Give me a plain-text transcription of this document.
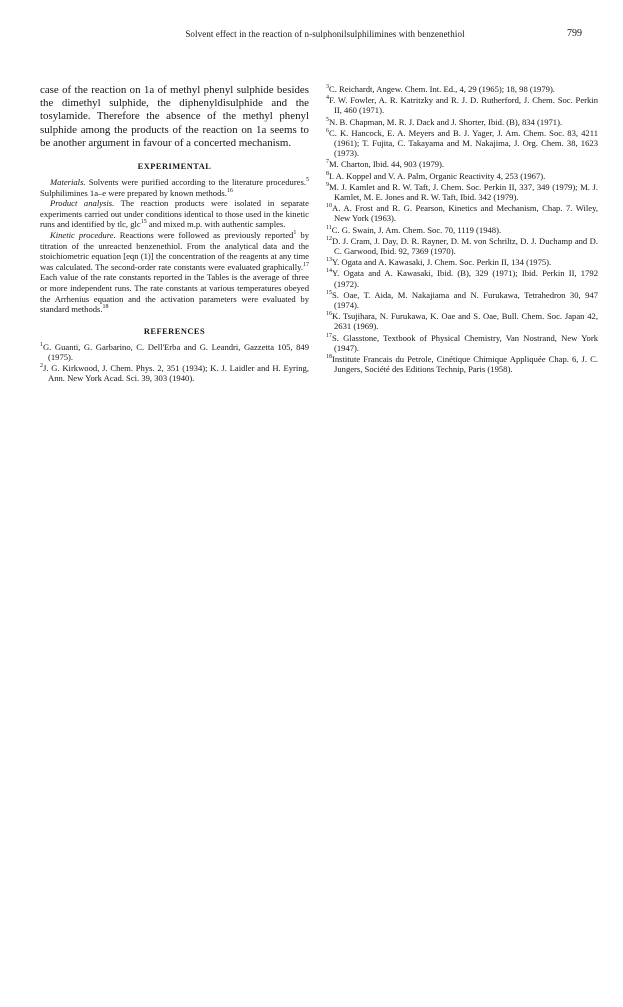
Solvent effect in the reaction of n-sulphonilsulphilimines with benzenethiol	799

case of the reaction on 1a of methyl phenyl sulphide besides the dimethyl sulphide, the diphenyldisulphide and the tosylamide. Therefore the absence of the methyl phenyl sulphide among the products of the reaction on 1a seems to be another argument in favour of a concerted mechanism.

EXPERIMENTAL

Materials. Solvents were purified according to the literature procedures.$^5$ Sulphilimines 1a–e were prepared by known methods.$^{16}$

Product analysis. The reaction products were isolated in separate experiments carried out under conditions identical to those used in the kinetic runs and identified by tlc, glc$^{15}$ and mixed m.p. with authentic samples.

Kinetic procedure. Reactions were followed as previously reported$^1$ by titration of the unreacted benzenethiol. From the analytical data and the stoichiometric equation [eqn (1)] the concentration of the reagents at any time was calculated. The second-order rate constants were evaluated graphically.$^{17}$ Each value of the rate constants reported in the Tables is the average of three or more independent runs. The rate constants at various temperatures obeyed the Arrhenius equation and the activation parameters were evaluated by standard methods.$^{18}$

REFERENCES

$^1$G. Guanti, G. Garbarino, C. Dell'Erba and G. Leandri, Gazzetta 105, 849 (1975).

$^2$J. G. Kirkwood, J. Chem. Phys. 2, 351 (1934); K. J. Laidler and H. Eyring, Ann. New York Acad. Sci. 39, 303 (1940).

$^3$C. Reichardt, Angew. Chem. Int. Ed., 4, 29 (1965); 18, 98 (1979).

$^4$F. W. Fowler, A. R. Katritzky and R. J. D. Rutherford, J. Chem. Soc. Perkin II, 460 (1971).

$^5$N. B. Chapman, M. R. J. Dack and J. Shorter, Ibid. (B), 834 (1971).

$^6$C. K. Hancock, E. A. Meyers and B. J. Yager, J. Am. Chem. Soc. 83, 4211 (1961); T. Fujita, C. Takayama and M. Nakajima, J. Org. Chem. 38, 1623 (1973).

$^7$M. Charton, Ibid. 44, 903 (1979).

$^8$I. A. Koppel and V. A. Palm, Organic Reactivity 4, 253 (1967).

$^9$M. J. Kamlet and R. W. Taft, J. Chem. Soc. Perkin II, 337, 349 (1979); M. J. Kamlet, M. E. Jones and R. W. Taft, Ibid. 342 (1979).

$^{10}$A. A. Frost and R. G. Pearson, Kinetics and Mechanism, Chap. 7. Wiley, New York (1963).

$^{11}$C. G. Swain, J. Am. Chem. Soc. 70, 1119 (1948).

$^{12}$D. J. Cram, J. Day, D. R. Rayner, D. M. von Schriltz, D. J. Duchamp and D. C. Garwood, Ibid. 92, 7369 (1970).

$^{13}$Y. Ogata and A. Kawasaki, J. Chem. Soc. Perkin II, 134 (1975).

$^{14}$Y. Ogata and A. Kawasaki, Ibid. (B), 329 (1971); Ibid. Perkin II, 1792 (1972).

$^{15}$S. Oae, T. Aida, M. Nakajiama and N. Furukawa, Tetrahedron 30, 947 (1974).

$^{16}$K. Tsujihara, N. Furukawa, K. Oae and S. Oae, Bull. Chem. Soc. Japan 42, 2631 (1969).

$^{17}$S. Glasstone, Textbook of Physical Chemistry, Van Nostrand, New York (1947).

$^{18}$Institute Francais du Petrole, Cinétique Chimique Appliquée Chap. 6, J. C. Jungers, Société des Editions Technip, Paris (1958).
